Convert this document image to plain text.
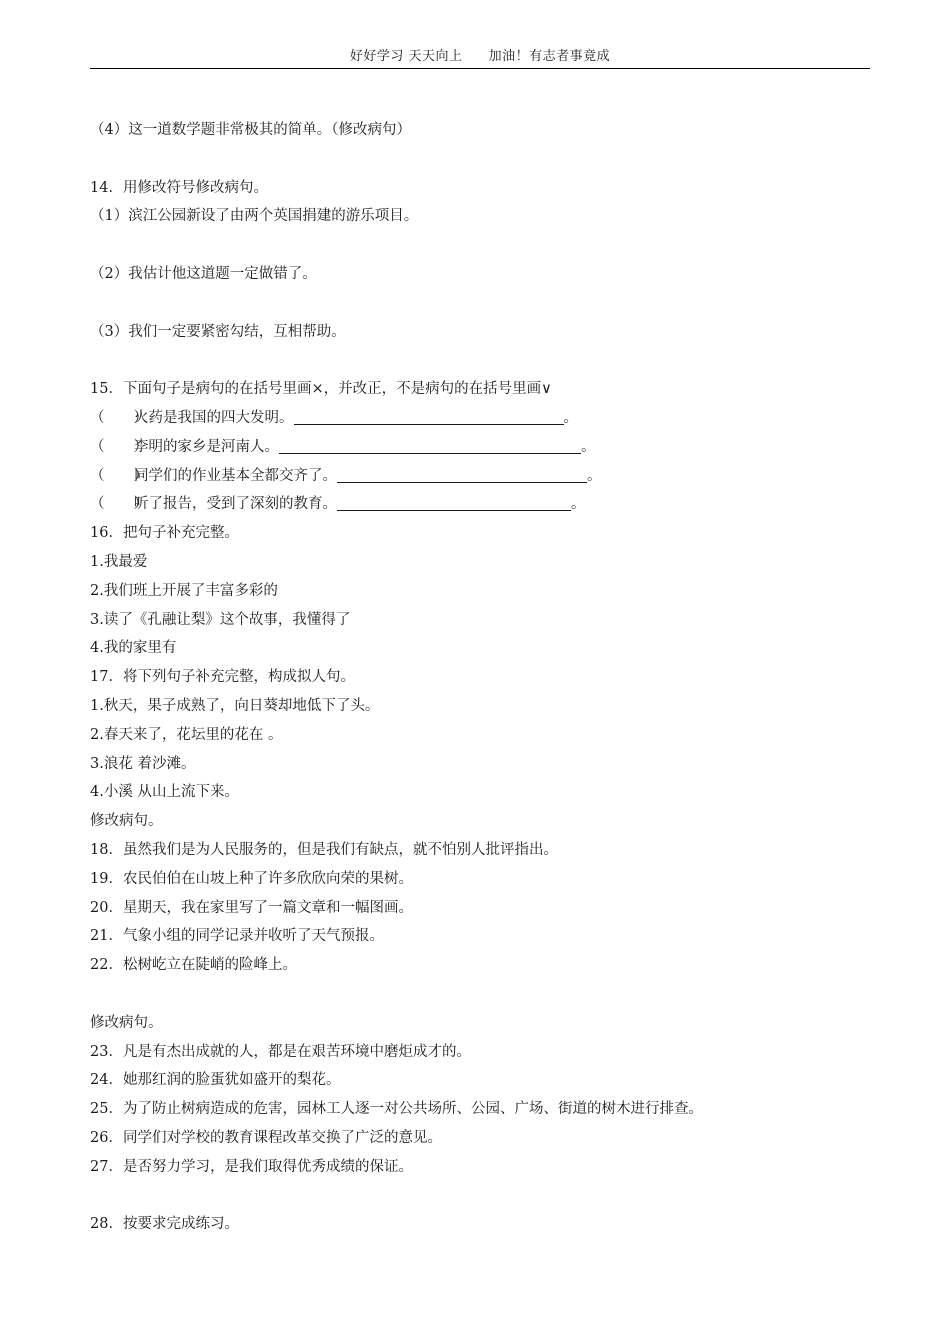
好好学习 天天向上 加油！有志者事竟成
（4）这一道数学题非常极其的简单。（修改病句）
14．用修改符号修改病句。
（1）滨江公园新设了由两个英国捐建的游乐项目。
（2）我估计他这道题一定做错了。
（3）我们一定要紧密勾结，互相帮助。
15．下面句子是病句的在括号里画×，并改正，不是病句的在括号里画∨
（　　）火药是我国的四大发明。	。
（　　）李明的家乡是河南人。	。
（　　）同学们的作业基本全都交齐了。	。
（　　）听了报告，受到了深刻的教育。	。
16．把句子补充完整。
1.我最爱
2.我们班上开展了丰富多彩的
3.读了《孔融让梨》这个故事，我懂得了
4.我的家里有
17．将下列句子补充完整，构成拟人句。
1.秋天，果子成熟了，向日葵却地低下了头。
2.春天来了，花坛里的花在 。
3.浪花 着沙滩。
4.小溪 从山上流下来。
修改病句。
18．虽然我们是为人民服务的，但是我们有缺点，就不怕别人批评指出。
19．农民伯伯在山坡上种了许多欣欣向荣的果树。
20．星期天，我在家里写了一篇文章和一幅图画。
21．气象小组的同学记录并收听了天气预报。
22．松树屹立在陡峭的险峰上。
修改病句。
23．凡是有杰出成就的人，都是在艰苦环境中磨炬成才的。
24．她那红润的脸蛋犹如盛开的梨花。
25．为了防止树病造成的危害，园林工人逐一对公共场所、公园、广场、街道的树木进行排查。
26．同学们对学校的教育课程改革交换了广泛的意见。
27．是否努力学习，是我们取得优秀成绩的保证。
28．按要求完成练习。
